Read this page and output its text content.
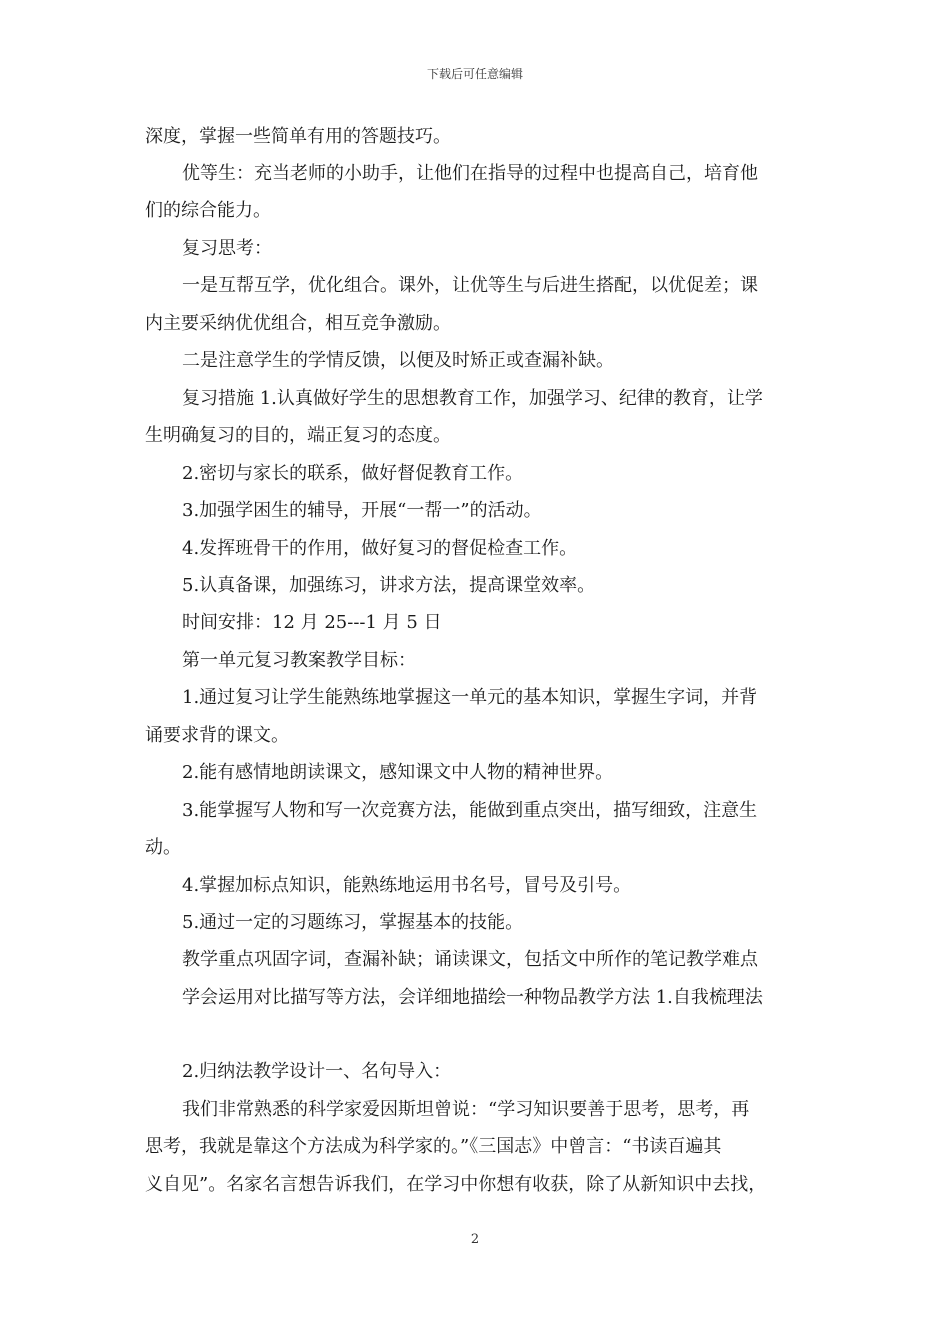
下载后可任意编辑
深度，掌握一些简单有用的答题技巧。
优等生：充当老师的小助手，让他们在指导的过程中也提高自己，培育他
们的综合能力。
复习思考：
一是互帮互学，优化组合。课外，让优等生与后进生搭配，以优促差；课
内主要采纳优优组合，相互竞争激励。
二是注意学生的学情反馈，以便及时矫正或查漏补缺。
复习措施 1.认真做好学生的思想教育工作，加强学习、纪律的教育，让学
生明确复习的目的，端正复习的态度。
2.密切与家长的联系，做好督促教育工作。
3.加强学困生的辅导，开展“一帮一”的活动。
4.发挥班骨干的作用，做好复习的督促检查工作。
5.认真备课，加强练习，讲求方法，提高课堂效率。
时间安排：12 月 25---1 月 5 日
第一单元复习教案教学目标：
1.通过复习让学生能熟练地掌握这一单元的基本知识，掌握生字词，并背
诵要求背的课文。
2.能有感情地朗读课文，感知课文中人物的精神世界。
3.能掌握写人物和写一次竞赛方法，能做到重点突出，描写细致，注意生
动。
4.掌握加标点知识，能熟练地运用书名号，冒号及引号。
5.通过一定的习题练习，掌握基本的技能。
教学重点巩固字词，查漏补缺；诵读课文，包括文中所作的笔记教学难点
学会运用对比描写等方法，会详细地描绘一种物品教学方法 1.自我梳理法
2.归纳法教学设计一、名句导入：
我们非常熟悉的科学家爱因斯坦曾说：“学习知识要善于思考，思考，再
思考，我就是靠这个方法成为科学家的。”《三国志》中曾言：“书读百遍其
义自见”。名家名言想告诉我们，在学习中你想有收获，除了从新知识中去找，
2
